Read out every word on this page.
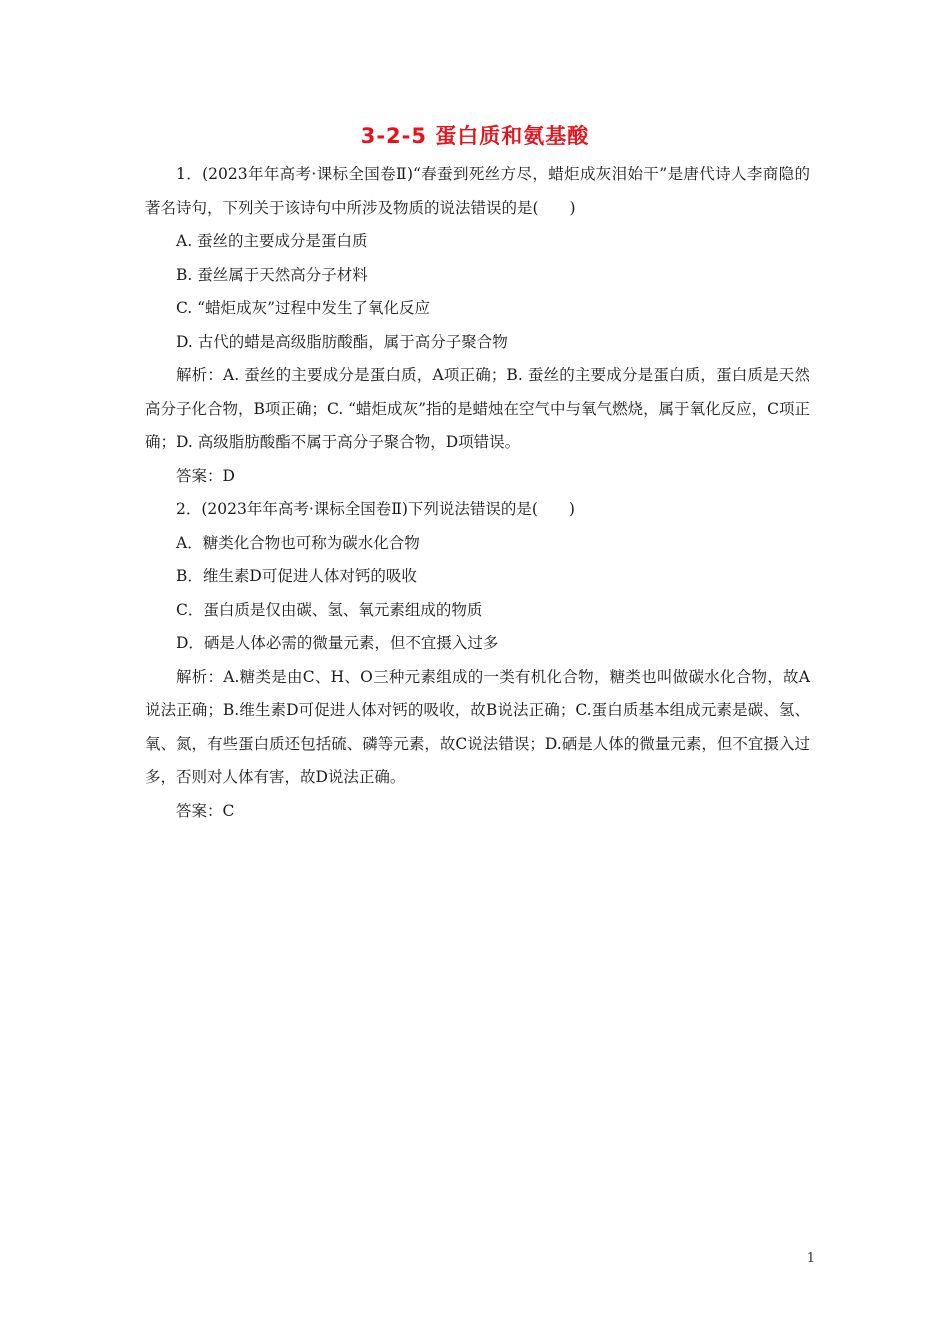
3-2-5 蛋白质和氨基酸

1．(2023年年高考·课标全国卷Ⅱ)“春蚕到死丝方尽，蜡炬成灰泪始干”是唐代诗人李商隐的著名诗句，下列关于该诗句中所涉及物质的说法错误的是(　　)

A. 蚕丝的主要成分是蛋白质

B. 蚕丝属于天然高分子材料

C. “蜡炬成灰”过程中发生了氧化反应

D. 古代的蜡是高级脂肪酸酯，属于高分子聚合物

解析：A. 蚕丝的主要成分是蛋白质，A项正确；B. 蚕丝的主要成分是蛋白质，蛋白质是天然高分子化合物，B项正确；C. “蜡炬成灰”指的是蜡烛在空气中与氧气燃烧，属于氧化反应，C项正确；D. 高级脂肪酸酯不属于高分子聚合物，D项错误。

答案：D

2．(2023年年高考·课标全国卷Ⅱ)下列说法错误的是(　　)

A．糖类化合物也可称为碳水化合物

B．维生素D可促进人体对钙的吸收

C．蛋白质是仅由碳、氢、氧元素组成的物质

D．硒是人体必需的微量元素，但不宜摄入过多

解析：A.糖类是由C、H、O三种元素组成的一类有机化合物，糖类也叫做碳水化合物，故A说法正确；B.维生素D可促进人体对钙的吸收，故B说法正确；C.蛋白质基本组成元素是碳、氢、氧、氮，有些蛋白质还包括硫、磷等元素，故C说法错误；D.硒是人体的微量元素，但不宜摄入过多，否则对人体有害，故D说法正确。

答案：C

1
